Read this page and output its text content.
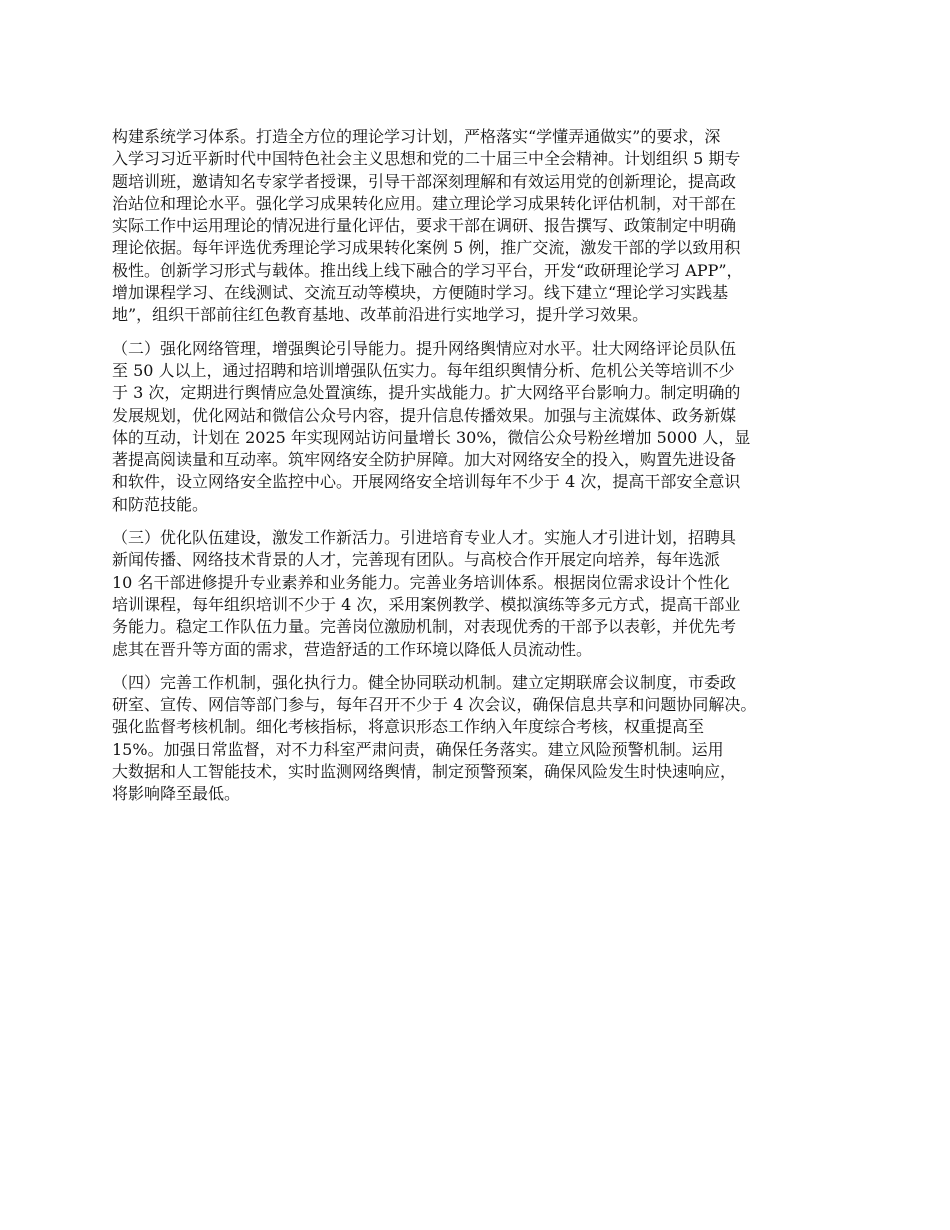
构建系统学习体系。打造全方位的理论学习计划，严格落实“学懂弄通做实”的要求，深
入学习习近平新时代中国特色社会主义思想和党的二十届三中全会精神。计划组织 5 期专
题培训班，邀请知名专家学者授课，引导干部深刻理解和有效运用党的创新理论，提高政
治站位和理论水平。强化学习成果转化应用。建立理论学习成果转化评估机制，对干部在
实际工作中运用理论的情况进行量化评估，要求干部在调研、报告撰写、政策制定中明确
理论依据。每年评选优秀理论学习成果转化案例 5 例，推广交流，激发干部的学以致用积
极性。创新学习形式与载体。推出线上线下融合的学习平台，开发“政研理论学习 APP”，
增加课程学习、在线测试、交流互动等模块，方便随时学习。线下建立“理论学习实践基
地”，组织干部前往红色教育基地、改革前沿进行实地学习，提升学习效果。

（二）强化网络管理，增强舆论引导能力。提升网络舆情应对水平。壮大网络评论员队伍
至 50 人以上，通过招聘和培训增强队伍实力。每年组织舆情分析、危机公关等培训不少
于 3 次，定期进行舆情应急处置演练，提升实战能力。扩大网络平台影响力。制定明确的
发展规划，优化网站和微信公众号内容，提升信息传播效果。加强与主流媒体、政务新媒
体的互动，计划在 2025 年实现网站访问量增长 30%，微信公众号粉丝增加 5000 人，显
著提高阅读量和互动率。筑牢网络安全防护屏障。加大对网络安全的投入，购置先进设备
和软件，设立网络安全监控中心。开展网络安全培训每年不少于 4 次，提高干部安全意识
和防范技能。

（三）优化队伍建设，激发工作新活力。引进培育专业人才。实施人才引进计划，招聘具
新闻传播、网络技术背景的人才，完善现有团队。与高校合作开展定向培养，每年选派
10 名干部进修提升专业素养和业务能力。完善业务培训体系。根据岗位需求设计个性化
培训课程，每年组织培训不少于 4 次，采用案例教学、模拟演练等多元方式，提高干部业
务能力。稳定工作队伍力量。完善岗位激励机制，对表现优秀的干部予以表彰，并优先考
虑其在晋升等方面的需求，营造舒适的工作环境以降低人员流动性。

（四）完善工作机制，强化执行力。健全协同联动机制。建立定期联席会议制度，市委政
研室、宣传、网信等部门参与，每年召开不少于 4 次会议，确保信息共享和问题协同解决。
强化监督考核机制。细化考核指标，将意识形态工作纳入年度综合考核，权重提高至
15%。加强日常监督，对不力科室严肃问责，确保任务落实。建立风险预警机制。运用
大数据和人工智能技术，实时监测网络舆情，制定预警预案，确保风险发生时快速响应，
将影响降至最低。
